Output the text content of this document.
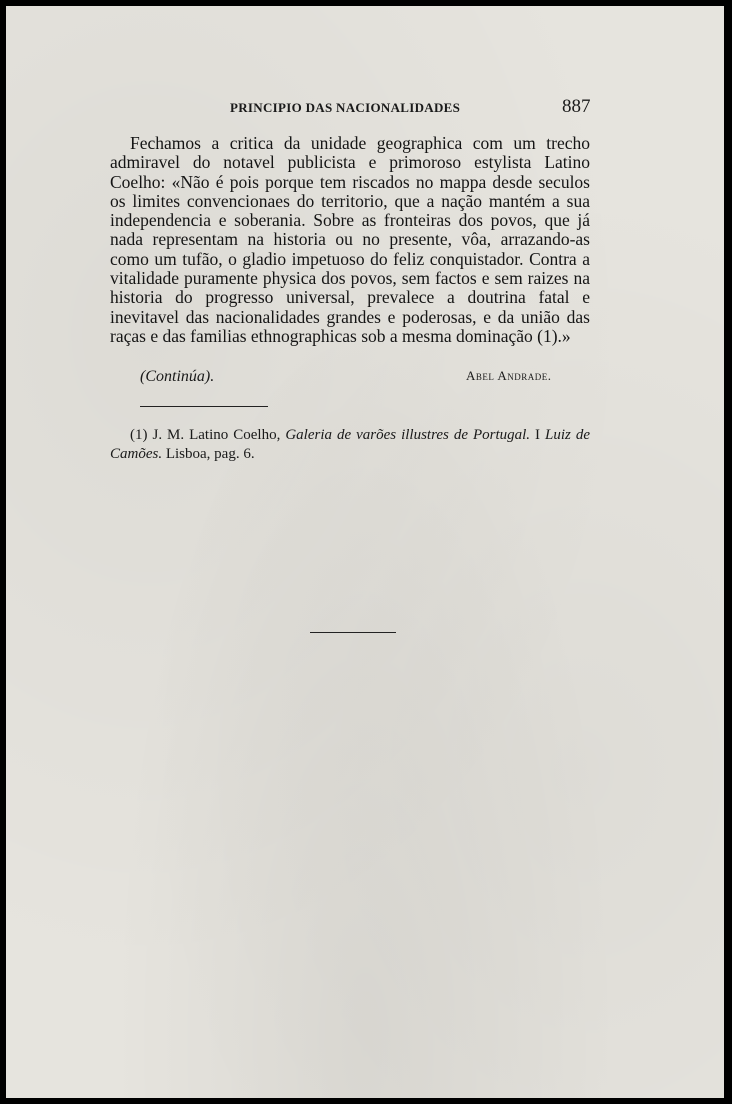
PRINCIPIO DAS NACIONALIDADES	887

Fechamos a critica da unidade geographica com um trecho admiravel do notavel publicista e primoroso estylista Latino Coelho: «Não é pois porque tem riscados no mappa desde seculos os limites convencionaes do territorio, que a nação mantém a sua independencia e soberania. Sobre as fronteiras dos povos, que já nada representam na historia ou no presente, vôa, arrazando-as como um tufão, o gladio impetuoso do feliz conquistador. Contra a vitalidade puramente physica dos povos, sem factos e sem raizes na historia do progresso universal, prevalece a doutrina fatal e inevitavel das nacionalidades grandes e poderosas, e da união das raças e das familias ethnographicas sob a mesma dominação (1).»

(Continúa).	Abel Andrade.
(1) J. M. Latino Coelho, Galeria de varões illustres de Portugal. I Luiz de Camões. Lisboa, pag. 6.
